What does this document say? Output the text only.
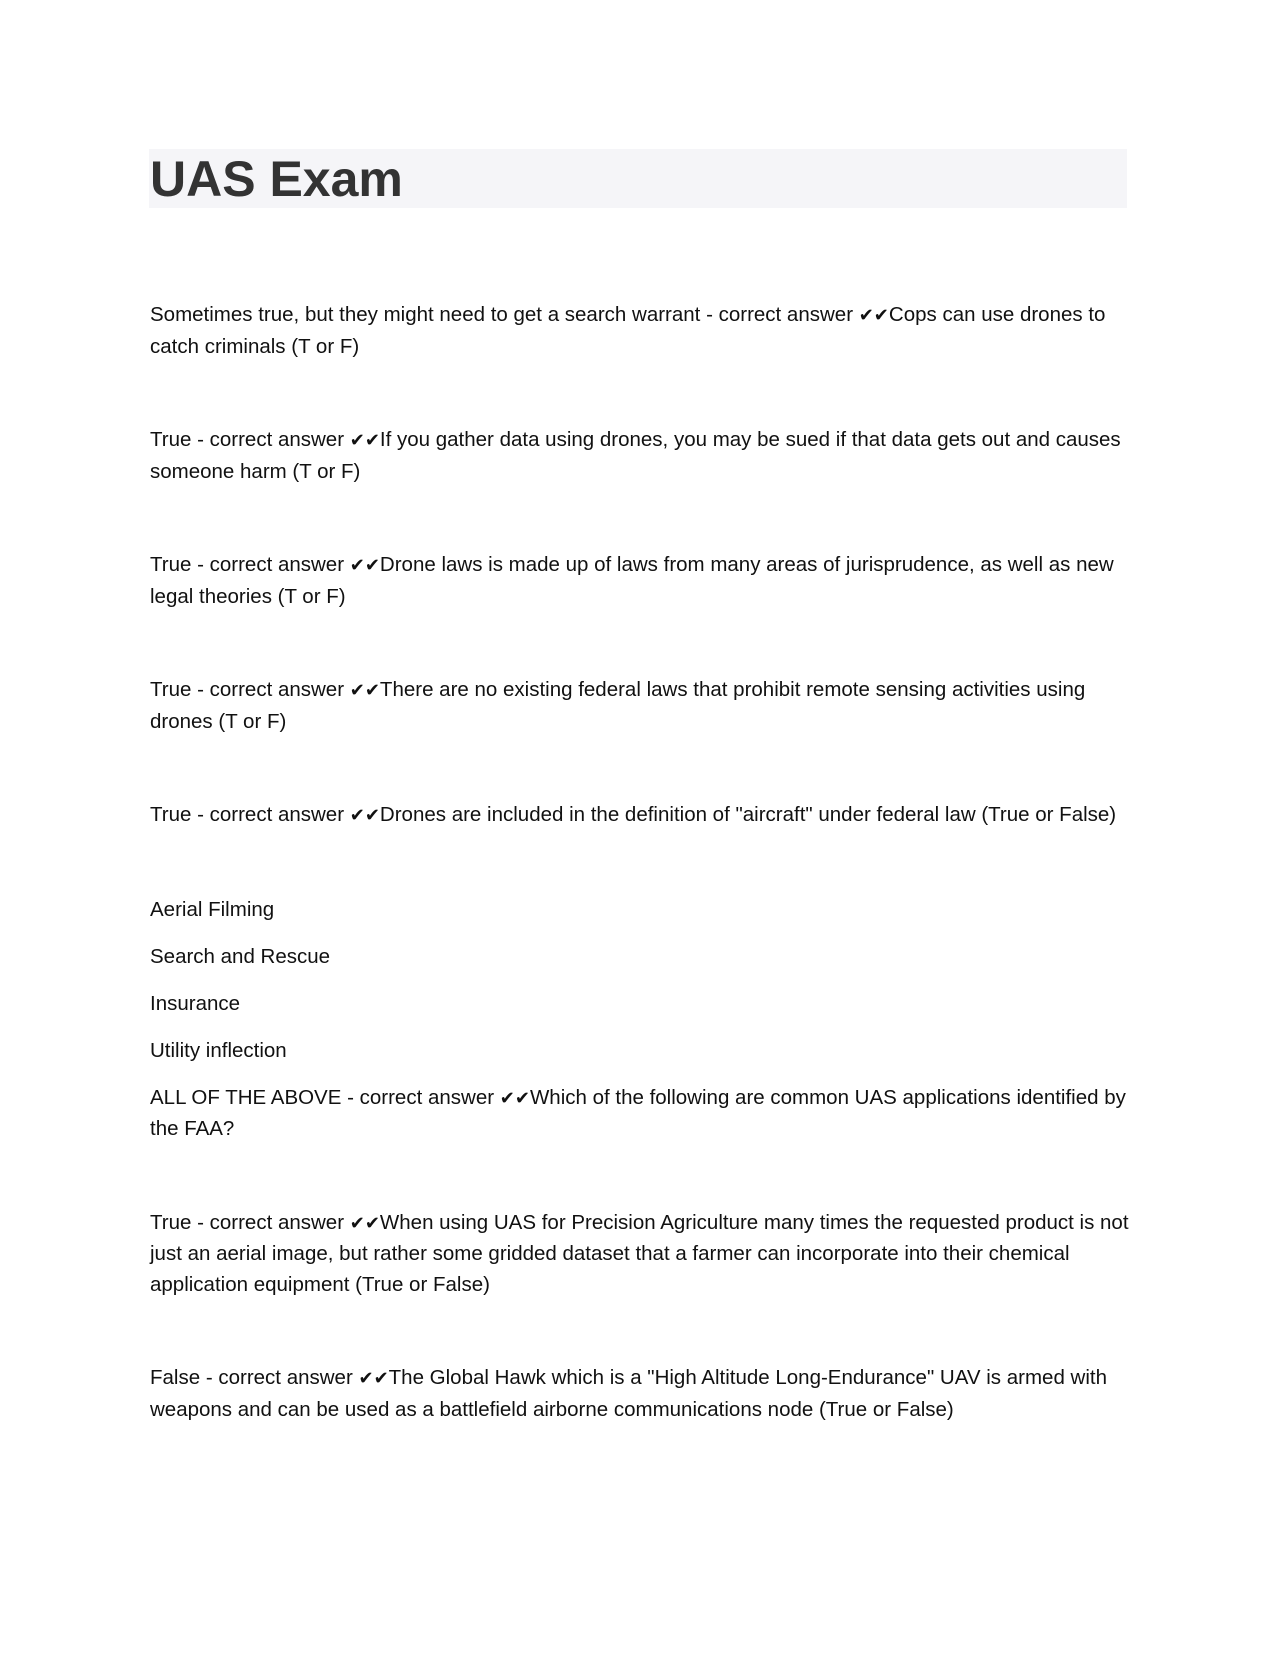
UAS Exam

Sometimes true, but they might need to get a search warrant - correct answer ✔✔Cops can use drones to catch criminals (T or F)

True - correct answer ✔✔If you gather data using drones, you may be sued if that data gets out and causes someone harm (T or F)

True - correct answer ✔✔Drone laws is made up of laws from many areas of jurisprudence, as well as new legal theories (T or F)

True - correct answer ✔✔There are no existing federal laws that prohibit remote sensing activities using drones (T or F)

True - correct answer ✔✔Drones are included in the definition of "aircraft" under federal law (True or False)

Aerial Filming

Search and Rescue

Insurance

Utility inflection

ALL OF THE ABOVE - correct answer ✔✔Which of the following are common UAS applications identified by the FAA?

True - correct answer ✔✔When using UAS for Precision Agriculture many times the requested product is not just an aerial image, but rather some gridded dataset that a farmer can incorporate into their chemical application equipment (True or False)

False - correct answer ✔✔The Global Hawk which is a "High Altitude Long-Endurance" UAV is armed with weapons and can be used as a battlefield airborne communications node (True or False)
